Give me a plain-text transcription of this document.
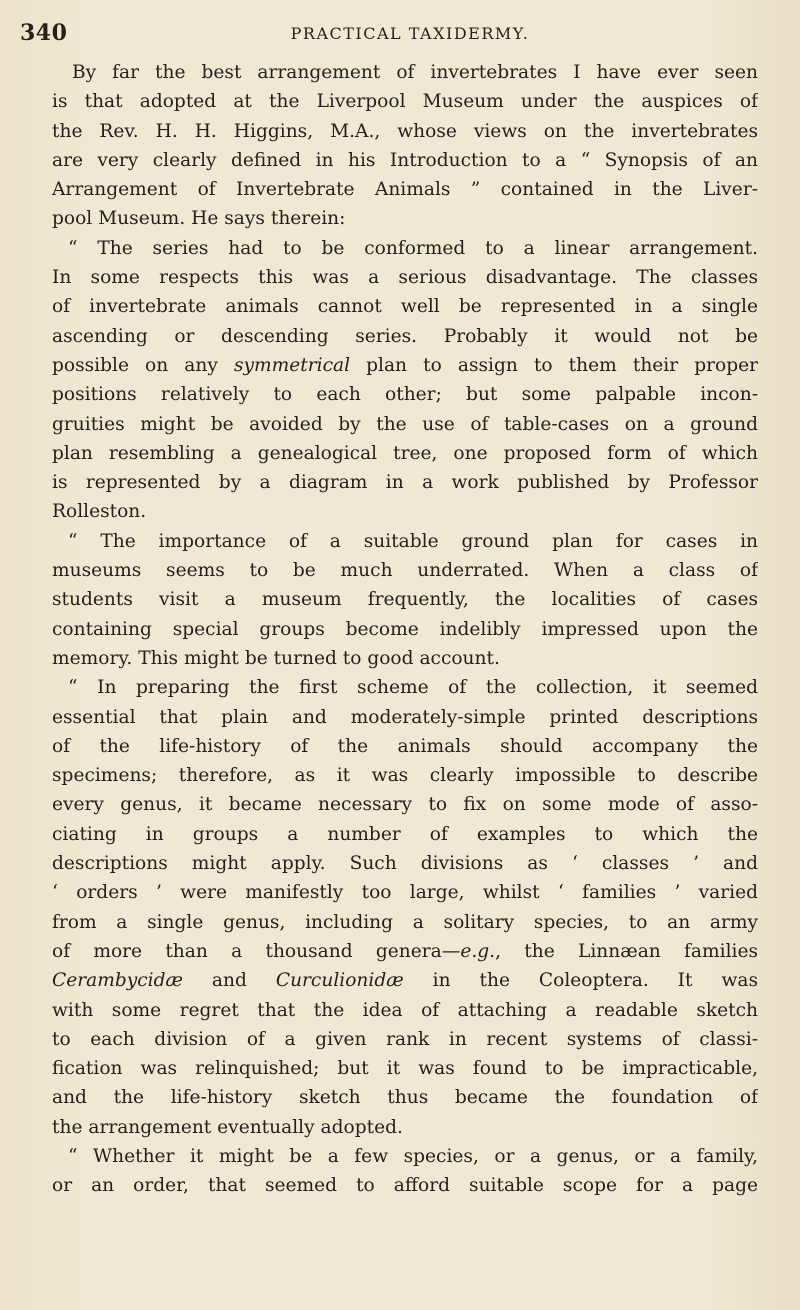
340	PRACTICAL TAXIDERMY.
By far the best arrangement of invertebrates I have ever seen
is that adopted at the Liverpool Museum under the auspices of
the Rev. H. H. Higgins, M.A., whose views on the invertebrates
are very clearly defined in his Introduction to a “ Synopsis of an
Arrangement of Invertebrate Animals ” contained in the Liver-
pool Museum. He says therein:
“ The series had to be conformed to a linear arrangement.
In some respects this was a serious disadvantage. The classes
of invertebrate animals cannot well be represented in a single
ascending or descending series. Probably it would not be
possible on any symmetrical plan to assign to them their proper
positions relatively to each other; but some palpable incon-
gruities might be avoided by the use of table-cases on a ground
plan resembling a genealogical tree, one proposed form of which
is represented by a diagram in a work published by Professor
Rolleston.
“ The importance of a suitable ground plan for cases in
museums seems to be much underrated. When a class of
students visit a museum frequently, the localities of cases
containing special groups become indelibly impressed upon the
memory. This might be turned to good account.
“ In preparing the first scheme of the collection, it seemed
essential that plain and moderately-simple printed descriptions
of the life-history of the animals should accompany the
specimens; therefore, as it was clearly impossible to describe
every genus, it became necessary to fix on some mode of asso-
ciating in groups a number of examples to which the
descriptions might apply. Such divisions as ‘ classes ’ and
‘ orders ’ were manifestly too large, whilst ‘ families ’ varied
from a single genus, including a solitary species, to an army
of more than a thousand genera—e.g., the Linnæan families
Cerambycidæ and Curculionidæ in the Coleoptera. It was
with some regret that the idea of attaching a readable sketch
to each division of a given rank in recent systems of classi-
fication was relinquished; but it was found to be impracticable,
and the life-history sketch thus became the foundation of
the arrangement eventually adopted.
“ Whether it might be a few species, or a genus, or a family,
or an order, that seemed to afford suitable scope for a page
